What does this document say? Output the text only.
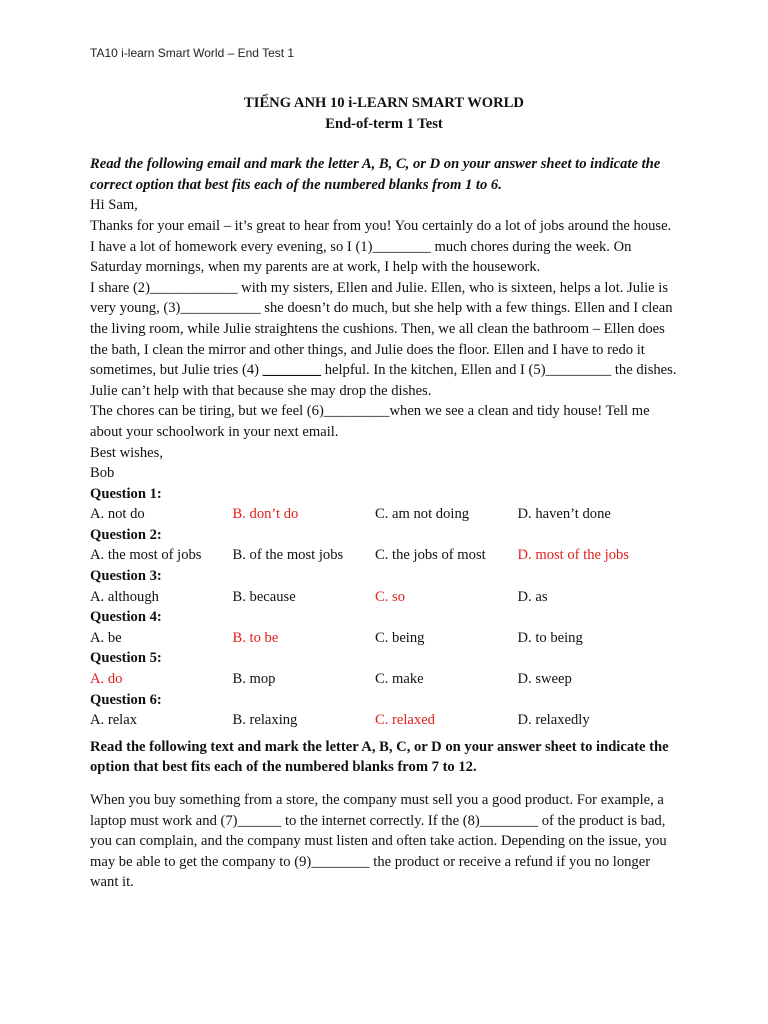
TA10 i-learn Smart World – End Test 1
TIẾNG ANH 10 i-LEARN SMART WORLD
End-of-term 1 Test
Read the following email and mark the letter A, B, C, or D on your answer sheet to indicate the correct option that best fits each of the numbered blanks from 1 to 6.

Hi Sam,

Thanks for your email – it’s great to hear from you! You certainly do a lot of jobs around the house. I have a lot of homework every evening, so I (1)________ much chores during the week. On Saturday mornings, when my parents are at work, I help with the housework.

I share (2)____________ with my sisters, Ellen and Julie. Ellen, who is sixteen, helps a lot. Julie is very young, (3)___________ she doesn’t do much, but she help with a few things. Ellen and I clean the living room, while Julie straightens the cushions. Then, we all clean the bathroom – Ellen does the bath, I clean the mirror and other things, and Julie does the floor. Ellen and I have to redo it sometimes, but Julie tries (4) ________ helpful. In the kitchen, Ellen and I (5)_________ the dishes. Julie can’t help with that because she may drop the dishes.

The chores can be tiring, but we feel (6)_________when we see a clean and tidy house! Tell me about your schoolwork in your next email.

Best wishes,

Bob

Question 1:
A. not do	B. don’t do	C. am not doing	D. haven’t done
Question 2:
A. the most of jobs	B. of the most jobs	C. the jobs of most	D. most of the jobs
Question 3:
A. although	B. because	C. so	D. as
Question 4:
A. be	B. to be	C. being	D. to being
Question 5:
A. do	B. mop	C. make	D. sweep
Question 6:
A. relax	B. relaxing	C. relaxed	D. relaxedly
Read the following text and mark the letter A, B, C, or D on your answer sheet to indicate the option that best fits each of the numbered blanks from 7 to 12.

When you buy something from a store, the company must sell you a good product. For example, a laptop must work and (7)______ to the internet correctly. If the (8)________ of the product is bad, you can complain, and the company must listen and often take action. Depending on the issue, you may be able to get the company to (9)________ the product or receive a refund if you no longer want it.
